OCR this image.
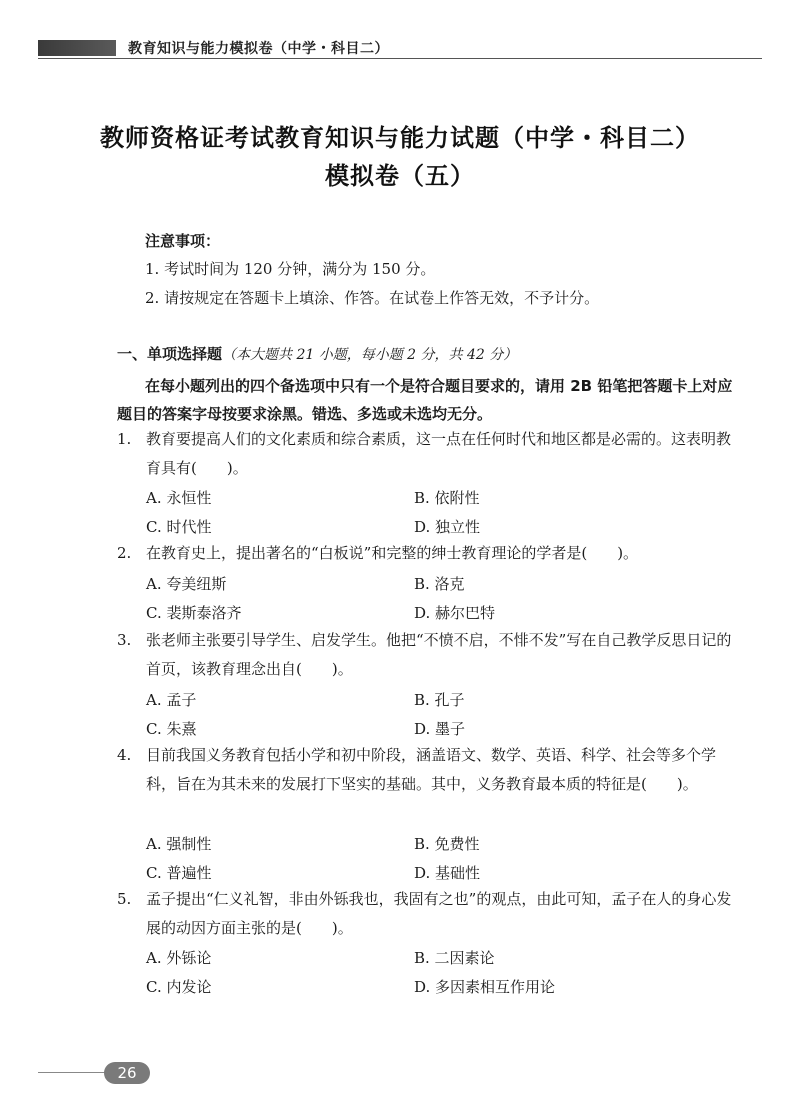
教育知识与能力模拟卷（中学・科目二）
教师资格证考试教育知识与能力试题（中学・科目二）
模拟卷（五）
注意事项：
1. 考试时间为 120 分钟，满分为 150 分。
2. 请按规定在答题卡上填涂、作答。在试卷上作答无效，不予计分。
一、单项选择题（本大题共 21 小题，每小题 2 分，共 42 分）
在每小题列出的四个备选项中只有一个是符合题目要求的，请用 2B 铅笔把答题卡上对应题目的答案字母按要求涂黑。错选、多选或未选均无分。
1. 教育要提高人们的文化素质和综合素质，这一点在任何时代和地区都是必需的。这表明教育具有(　　)。
A. 永恒性	B. 依附性
C. 时代性	D. 独立性
2. 在教育史上，提出著名的“白板说”和完整的绅士教育理论的学者是(　　)。
A. 夸美纽斯	B. 洛克
C. 裴斯泰洛齐	D. 赫尔巴特
3. 张老师主张要引导学生、启发学生。他把“不愤不启，不悱不发”写在自己教学反思日记的首页，该教育理念出自(　　)。
A. 孟子	B. 孔子
C. 朱熹	D. 墨子
4. 目前我国义务教育包括小学和初中阶段，涵盖语文、数学、英语、科学、社会等多个学科，旨在为其未来的发展打下坚实的基础。其中，义务教育最本质的特征是(　　)。
A. 强制性	B. 免费性
C. 普遍性	D. 基础性
5. 孟子提出“仁义礼智，非由外铄我也，我固有之也”的观点，由此可知，孟子在人的身心发展的动因方面主张的是(　　)。
A. 外铄论	B. 二因素论
C. 内发论	D. 多因素相互作用论
26
